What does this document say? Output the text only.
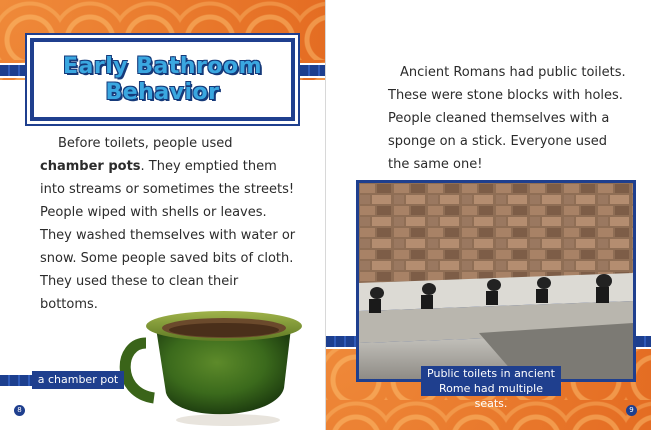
Early Bathroom
Behavior
Before toilets, people used chamber pots. They emptied them into streams or sometimes the streets! People wiped with shells or leaves. They washed themselves with water or snow. Some people saved bits of cloth. They used these to clean their bottoms.
a chamber pot
8
Ancient Romans had public toilets. These were stone blocks with holes. People cleaned themselves with a sponge on a stick. Everyone used the same one!
Public toilets in ancient
Rome had multiple seats.	9
